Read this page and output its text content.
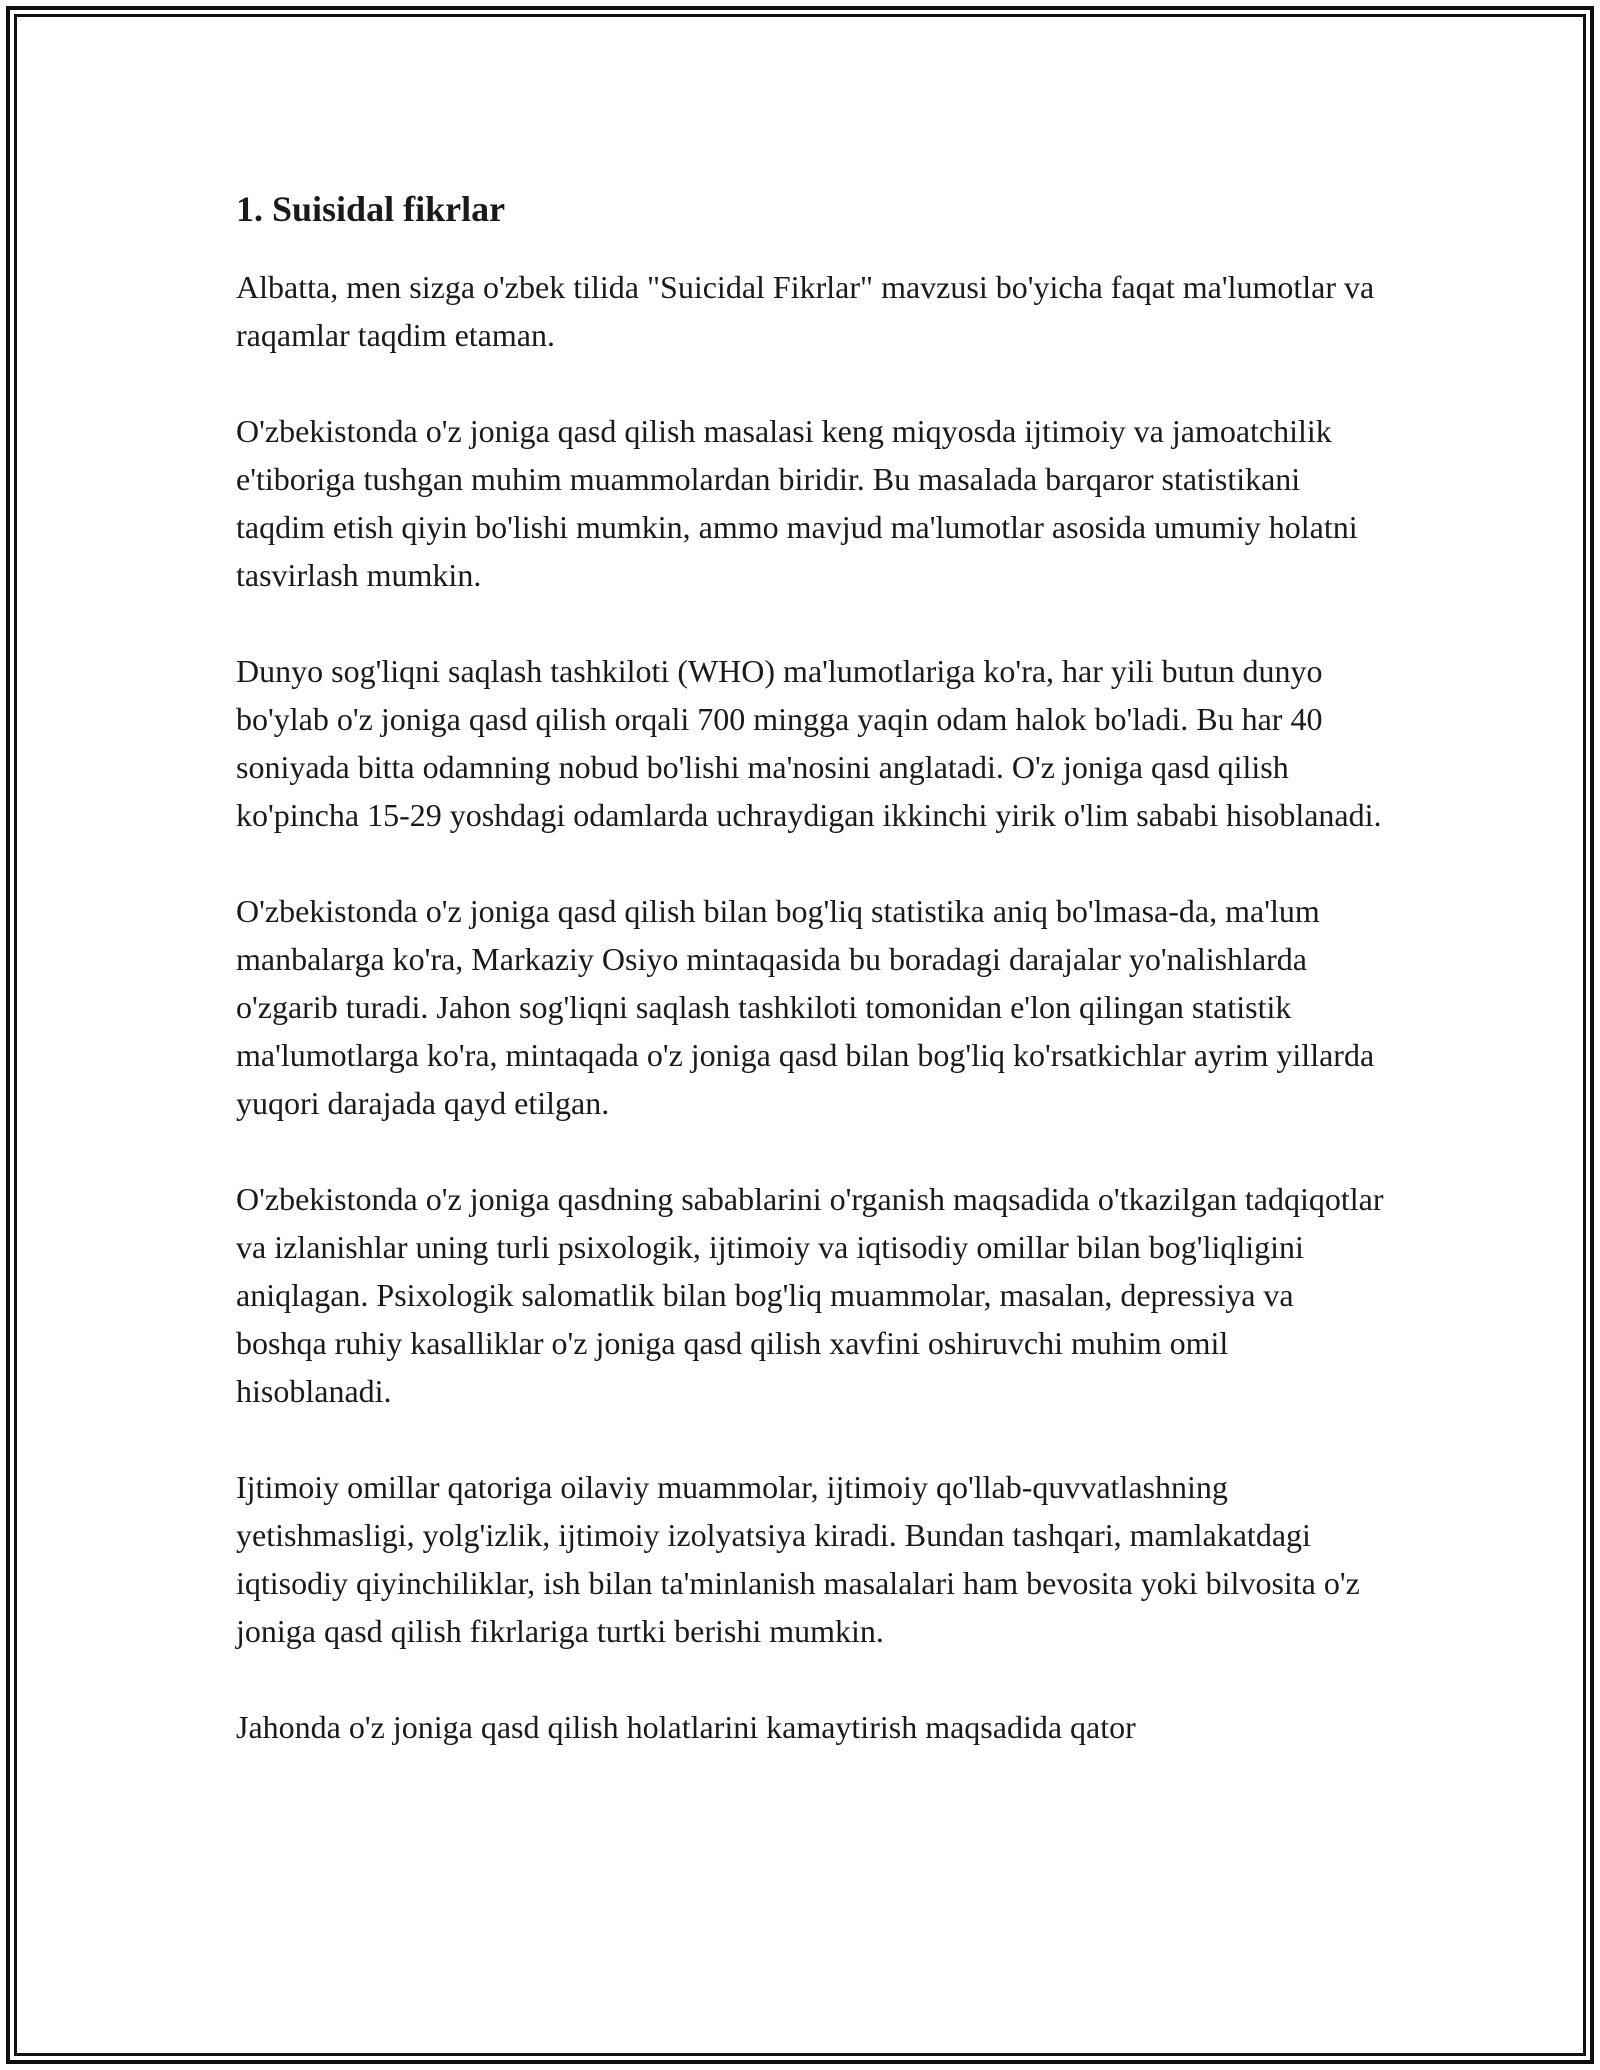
1. Suisidal fikrlar

Albatta, men sizga o'zbek tilida "Suicidal Fikrlar" mavzusi bo'yicha faqat ma'lumotlar va raqamlar taqdim etaman.

O'zbekistonda o'z joniga qasd qilish masalasi keng miqyosda ijtimoiy va jamoatchilik e'tiboriga tushgan muhim muammolardan biridir. Bu masalada barqaror statistikani taqdim etish qiyin bo'lishi mumkin, ammo mavjud ma'lumotlar asosida umumiy holatni tasvirlash mumkin.

Dunyo sog'liqni saqlash tashkiloti (WHO) ma'lumotlariga ko'ra, har yili butun dunyo bo'ylab o'z joniga qasd qilish orqali 700 mingga yaqin odam halok bo'ladi. Bu har 40 soniyada bitta odamning nobud bo'lishi ma'nosini anglatadi. O'z joniga qasd qilish ko'pincha 15-29 yoshdagi odamlarda uchraydigan ikkinchi yirik o'lim sababi hisoblanadi.

O'zbekistonda o'z joniga qasd qilish bilan bog'liq statistika aniq bo'lmasa-da, ma'lum manbalarga ko'ra, Markaziy Osiyo mintaqasida bu boradagi darajalar yo'nalishlarda o'zgarib turadi. Jahon sog'liqni saqlash tashkiloti tomonidan e'lon qilingan statistik ma'lumotlarga ko'ra, mintaqada o'z joniga qasd bilan bog'liq ko'rsatkichlar ayrim yillarda yuqori darajada qayd etilgan.

O'zbekistonda o'z joniga qasdning sabablarini o'rganish maqsadida o'tkazilgan tadqiqotlar va izlanishlar uning turli psixologik, ijtimoiy va iqtisodiy omillar bilan bog'liqligini aniqlagan. Psixologik salomatlik bilan bog'liq muammolar, masalan, depressiya va boshqa ruhiy kasalliklar o'z joniga qasd qilish xavfini oshiruvchi muhim omil hisoblanadi.

Ijtimoiy omillar qatoriga oilaviy muammolar, ijtimoiy qo'llab-quvvatlashning yetishmasligi, yolg'izlik, ijtimoiy izolyatsiya kiradi. Bundan tashqari, mamlakatdagi iqtisodiy qiyinchiliklar, ish bilan ta'minlanish masalalari ham bevosita yoki bilvosita o'z joniga qasd qilish fikrlariga turtki berishi mumkin.

Jahonda o'z joniga qasd qilish holatlarini kamaytirish maqsadida qator
